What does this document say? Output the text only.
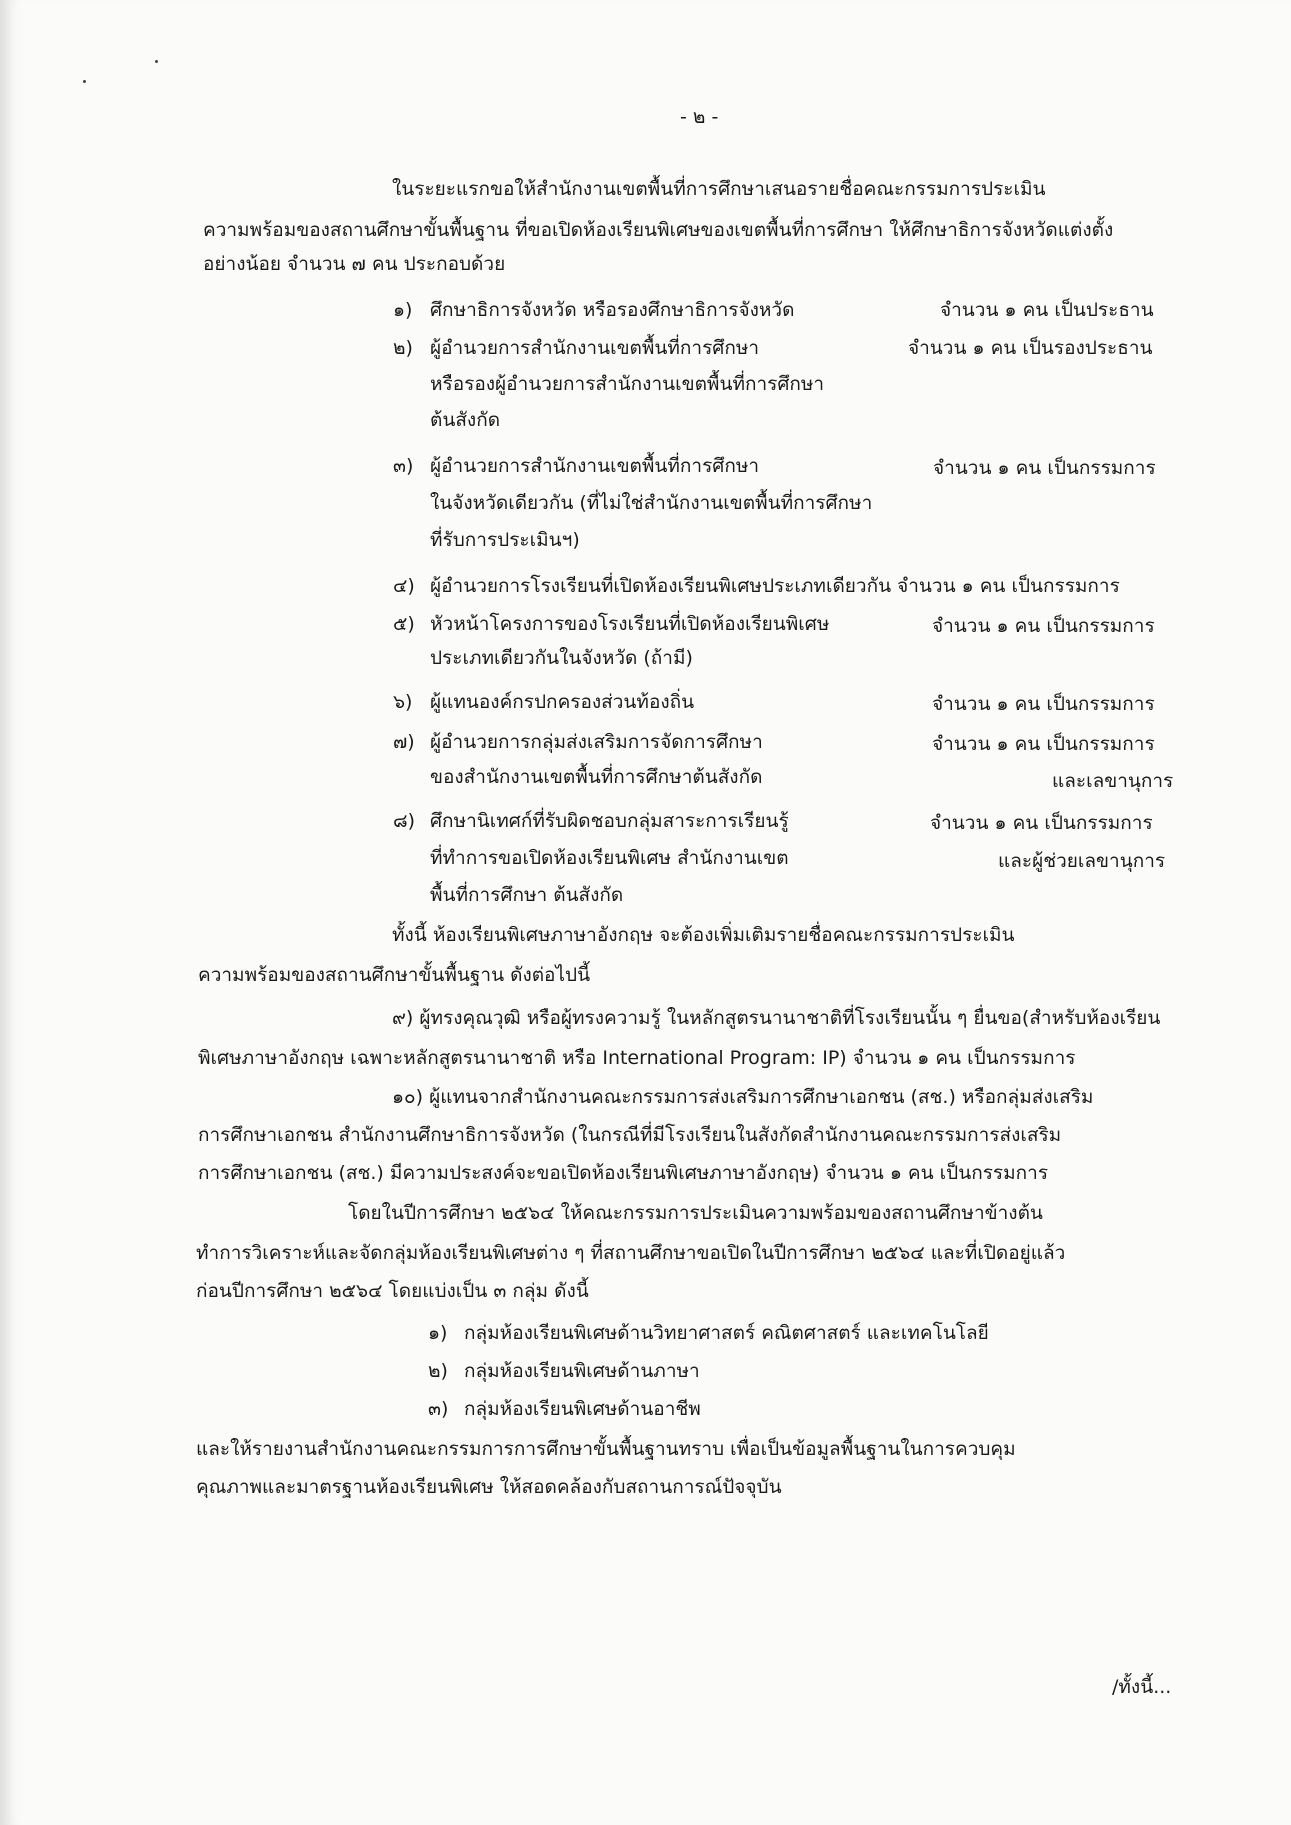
- ๒ -
ในระยะแรกขอให้สำนักงานเขตพื้นที่การศึกษาเสนอรายชื่อคณะกรรมการประเมิน
ความพร้อมของสถานศึกษาขั้นพื้นฐาน ที่ขอเปิดห้องเรียนพิเศษของเขตพื้นที่การศึกษา ให้ศึกษาธิการจังหวัดแต่งตั้ง
อย่างน้อย จำนวน ๗ คน ประกอบด้วย
๑) ศึกษาธิการจังหวัด หรือรองศึกษาธิการจังหวัด	จำนวน ๑ คน เป็นประธาน
๒) ผู้อำนวยการสำนักงานเขตพื้นที่การศึกษา
หรือรองผู้อำนวยการสำนักงานเขตพื้นที่การศึกษา
ต้นสังกัด
จำนวน ๑ คน เป็นรองประธาน
๓) ผู้อำนวยการสำนักงานเขตพื้นที่การศึกษา
ในจังหวัดเดียวกัน (ที่ไม่ใช่สำนักงานเขตพื้นที่การศึกษา
ที่รับการประเมินฯ)
จำนวน ๑ คน เป็นกรรมการ
๔) ผู้อำนวยการโรงเรียนที่เปิดห้องเรียนพิเศษประเภทเดียวกัน จำนวน ๑ คน เป็นกรรมการ
๕) หัวหน้าโครงการของโรงเรียนที่เปิดห้องเรียนพิเศษ
ประเภทเดียวกันในจังหวัด (ถ้ามี)
จำนวน ๑ คน เป็นกรรมการ
๖) ผู้แทนองค์กรปกครองส่วนท้องถิ่น	จำนวน ๑ คน เป็นกรรมการ
๗) ผู้อำนวยการกลุ่มส่งเสริมการจัดการศึกษา
ของสำนักงานเขตพื้นที่การศึกษาต้นสังกัด
จำนวน ๑ คน เป็นกรรมการ
และเลขานุการ
๘) ศึกษานิเทศก์ที่รับผิดชอบกลุ่มสาระการเรียนรู้
ที่ทำการขอเปิดห้องเรียนพิเศษ สำนักงานเขต
พื้นที่การศึกษา ต้นสังกัด
จำนวน ๑ คน เป็นกรรมการ
และผู้ช่วยเลขานุการ
ทั้งนี้ ห้องเรียนพิเศษภาษาอังกฤษ จะต้องเพิ่มเติมรายชื่อคณะกรรมการประเมิน
ความพร้อมของสถานศึกษาขั้นพื้นฐาน ดังต่อไปนี้
๙) ผู้ทรงคุณวุฒิ หรือผู้ทรงความรู้ ในหลักสูตรนานาชาติที่โรงเรียนนั้น ๆ ยื่นขอ(สำหรับห้องเรียน
พิเศษภาษาอังกฤษ เฉพาะหลักสูตรนานาชาติ หรือ International Program: IP) จำนวน ๑ คน เป็นกรรมการ
๑๐) ผู้แทนจากสำนักงานคณะกรรมการส่งเสริมการศึกษาเอกชน (สช.) หรือกลุ่มส่งเสริม
การศึกษาเอกชน สำนักงานศึกษาธิการจังหวัด (ในกรณีที่มีโรงเรียนในสังกัดสำนักงานคณะกรรมการส่งเสริม
การศึกษาเอกชน (สช.) มีความประสงค์จะขอเปิดห้องเรียนพิเศษภาษาอังกฤษ) จำนวน ๑ คน เป็นกรรมการ
โดยในปีการศึกษา ๒๕๖๔ ให้คณะกรรมการประเมินความพร้อมของสถานศึกษาข้างต้น
ทำการวิเคราะห์และจัดกลุ่มห้องเรียนพิเศษต่าง ๆ ที่สถานศึกษาขอเปิดในปีการศึกษา ๒๕๖๔ และที่เปิดอยู่แล้ว
ก่อนปีการศึกษา ๒๕๖๔ โดยแบ่งเป็น ๓ กลุ่ม ดังนี้
๑) กลุ่มห้องเรียนพิเศษด้านวิทยาศาสตร์ คณิตศาสตร์ และเทคโนโลยี
๒) กลุ่มห้องเรียนพิเศษด้านภาษา
๓) กลุ่มห้องเรียนพิเศษด้านอาชีพ
และให้รายงานสำนักงานคณะกรรมการการศึกษาขั้นพื้นฐานทราบ เพื่อเป็นข้อมูลพื้นฐานในการควบคุม
คุณภาพและมาตรฐานห้องเรียนพิเศษ ให้สอดคล้องกับสถานการณ์ปัจจุบัน
/ทั้งนี้...
